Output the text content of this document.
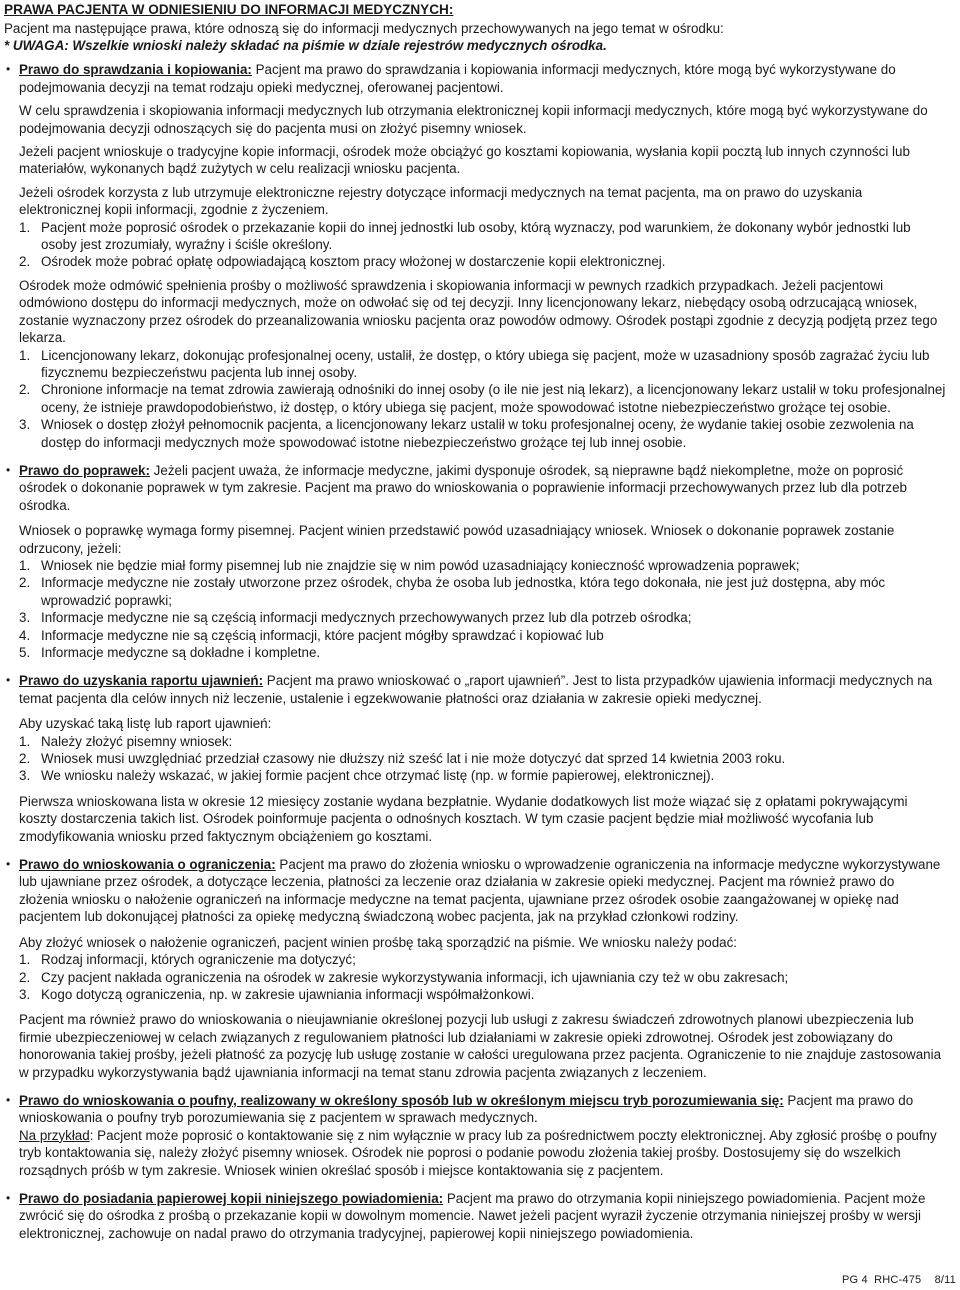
PRAWA PACJENTA W ODNIESIENIU DO INFORMACJI MEDYCZNYCH:
Pacjent ma następujące prawa, które odnoszą się do informacji medycznych przechowywanych na jego temat w ośrodku:
* UWAGA: Wszelkie wnioski należy składać na piśmie w dziale rejestrów medycznych ośrodka.
• Prawo do sprawdzania i kopiowania: Pacjent ma prawo do sprawdzania i kopiowania informacji medycznych, które mogą być wykorzystywane do podejmowania decyzji na temat rodzaju opieki medycznej, oferowanej pacjentowi.
W celu sprawdzenia i skopiowania informacji medycznych lub otrzymania elektronicznej kopii informacji medycznych, które mogą być wykorzystywane do podejmowania decyzji odnoszących się do pacjenta musi on złożyć pisemny wniosek.
Jeżeli pacjent wnioskuje o tradycyjne kopie informacji, ośrodek może obciążyć go kosztami kopiowania, wysłania kopii pocztą lub innych czynności lub materiałów, wykonanych bądź zużytych w celu realizacji wniosku pacjenta.
Jeżeli ośrodek korzysta z lub utrzymuje elektroniczne rejestry dotyczące informacji medycznych na temat pacjenta, ma on prawo do uzyskania elektronicznej kopii informacji, zgodnie z życzeniem.
1. Pacjent może poprosić ośrodek o przekazanie kopii do innej jednostki lub osoby, którą wyznaczy, pod warunkiem, że dokonany wybór jednostki lub osoby jest zrozumiały, wyraźny i ściśle określony.
2. Ośrodek może pobrać opłatę odpowiadającą kosztom pracy włożonej w dostarczenie kopii elektronicznej.
Ośrodek może odmówić spełnienia prośby o możliwość sprawdzenia i skopiowania informacji w pewnych rzadkich przypadkach. Jeżeli pacjentowi odmówiono dostępu do informacji medycznych, może on odwołać się od tej decyzji. Inny licencjonowany lekarz, niebędący osobą odrzucającą wniosek, zostanie wyznaczony przez ośrodek do przeanalizowania wniosku pacjenta oraz powodów odmowy. Ośrodek postąpi zgodnie z decyzją podjętą przez tego lekarza.
1. Licencjonowany lekarz, dokonując profesjonalnej oceny, ustalił, że dostęp, o który ubiega się pacjent, może w uzasadniony sposób zagrażać życiu lub fizycznemu bezpieczeństwu pacjenta lub innej osoby.
2. Chronione informacje na temat zdrowia zawierają odnośniki do innej osoby (o ile nie jest nią lekarz), a licencjonowany lekarz ustalił w toku profesjonalnej oceny, że istnieje prawdopodobieństwo, iż dostęp, o który ubiega się pacjent, może spowodować istotne niebezpieczeństwo grożące tej osobie.
3. Wniosek o dostęp złożył pełnomocnik pacjenta, a licencjonowany lekarz ustalił w toku profesjonalnej oceny, że wydanie takiej osobie zezwolenia na dostęp do informacji medycznych może spowodować istotne niebezpieczeństwo grożące tej lub innej osobie.
• Prawo do poprawek: Jeżeli pacjent uważa, że informacje medyczne, jakimi dysponuje ośrodek, są nieprawne bądź niekompletne, może on poprosić ośrodek o dokonanie poprawek w tym zakresie. Pacjent ma prawo do wnioskowania o poprawienie informacji przechowywanych przez lub dla potrzeb ośrodka.
Wniosek o poprawkę wymaga formy pisemnej. Pacjent winien przedstawić powód uzasadniający wniosek. Wniosek o dokonanie poprawek zostanie odrzucony, jeżeli:
1. Wniosek nie będzie miał formy pisemnej lub nie znajdzie się w nim powód uzasadniający konieczność wprowadzenia poprawek;
2. Informacje medyczne nie zostały utworzone przez ośrodek, chyba że osoba lub jednostka, która tego dokonała, nie jest już dostępna, aby móc wprowadzić poprawki;
3. Informacje medyczne nie są częścią informacji medycznych przechowywanych przez lub dla potrzeb ośrodka;
4. Informacje medyczne nie są częścią informacji, które pacjent mógłby sprawdzać i kopiować lub
5. Informacje medyczne są dokładne i kompletne.
• Prawo do uzyskania raportu ujawnień: Pacjent ma prawo wnioskować o „raport ujawnień”. Jest to lista przypadków ujawienia informacji medycznych na temat pacjenta dla celów innych niż leczenie, ustalenie i egzekwowanie płatności oraz działania w zakresie opieki medycznej.
Aby uzyskać taką listę lub raport ujawnień:
1. Należy złożyć pisemny wniosek:
2. Wniosek musi uwzględniać przedział czasowy nie dłuższy niż sześć lat i nie może dotyczyć dat sprzed 14 kwietnia 2003 roku.
3. We wniosku należy wskazać, w jakiej formie pacjent chce otrzymać listę (np. w formie papierowej, elektronicznej).
Pierwsza wnioskowana lista w okresie 12 miesięcy zostanie wydana bezpłatnie. Wydanie dodatkowych list może wiązać się z opłatami pokrywającymi koszty dostarczenia takich list. Ośrodek poinformuje pacjenta o odnośnych kosztach. W tym czasie pacjent będzie miał możliwość wycofania lub zmodyfikowania wniosku przed faktycznym obciążeniem go kosztami.
• Prawo do wnioskowania o ograniczenia: Pacjent ma prawo do złożenia wniosku o wprowadzenie ograniczenia na informacje medyczne wykorzystywane lub ujawniane przez ośrodek, a dotyczące leczenia, płatności za leczenie oraz działania w zakresie opieki medycznej. Pacjent ma również prawo do złożenia wniosku o nałożenie ograniczeń na informacje medyczne na temat pacjenta, ujawniane przez ośrodek osobie zaangażowanej w opiekę nad pacjentem lub dokonującej płatności za opiekę medyczną świadczoną wobec pacjenta, jak na przykład członkowi rodziny.
Aby złożyć wniosek o nałożenie ograniczeń, pacjent winien prośbę taką sporządzić na piśmie. We wniosku należy podać:
1. Rodzaj informacji, których ograniczenie ma dotyczyć;
2. Czy pacjent nakłada ograniczenia na ośrodek w zakresie wykorzystywania informacji, ich ujawniania czy też w obu zakresach;
3. Kogo dotyczą ograniczenia, np. w zakresie ujawniania informacji współmałżonkowi.
Pacjent ma również prawo do wnioskowania o nieujawnianie określonej pozycji lub usługi z zakresu świadczeń zdrowotnych planowi ubezpieczenia lub firmie ubezpieczeniowej w celach związanych z regulowaniem płatności lub działaniami w zakresie opieki zdrowotnej. Ośrodek jest zobowiązany do honorowania takiej prośby, jeżeli płatność za pozycję lub usługę zostanie w całości uregulowana przez pacjenta. Ograniczenie to nie znajduje zastosowania w przypadku wykorzystywania bądź ujawniania informacji na temat stanu zdrowia pacjenta związanych z leczeniem.
• Prawo do wnioskowania o poufny, realizowany w określony sposób lub w określonym miejscu tryb porozumiewania się: Pacjent ma prawo do wnioskowania o poufny tryb porozumiewania się z pacjentem w sprawach medycznych.
Na przykład: Pacjent może poprosić o kontaktowanie się z nim wyłącznie w pracy lub za pośrednictwem poczty elektronicznej. Aby zgłosić prośbę o poufny tryb kontaktowania się, należy złożyć pisemny wniosek. Ośrodek nie poprosi o podanie powodu złożenia takiej prośby. Dostosujemy się do wszelkich rozsądnych próśb w tym zakresie. Wniosek winien określać sposób i miejsce kontaktowania się z pacjentem.
• Prawo do posiadania papierowej kopii niniejszego powiadomienia: Pacjent ma prawo do otrzymania kopii niniejszego powiadomienia. Pacjent może zwrócić się do ośrodka z prośbą o przekazanie kopii w dowolnym momencie. Nawet jeżeli pacjent wyraził życzenie otrzymania niniejszej prośby w wersji elektronicznej, zachowuje on nadal prawo do otrzymania tradycyjnej, papierowej kopii niniejszego powiadomienia.
PG 4 RHC-475 8/11
